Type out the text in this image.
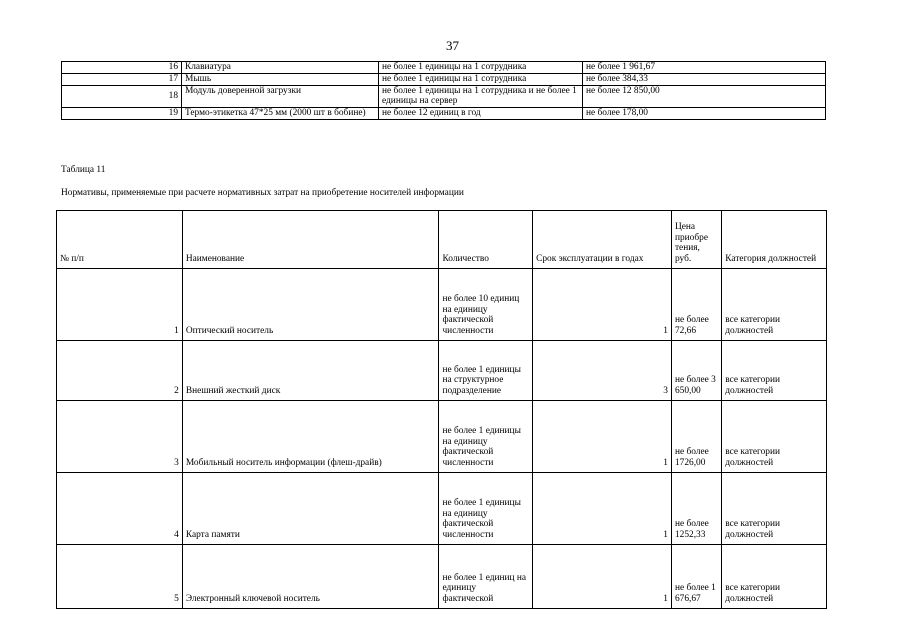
37
16	Клавиатура	не более 1 единицы на 1 сотрудника	не более 1 961,67
17	Мышь	не более 1 единицы на 1 сотрудника	не более 384,33
18	Модуль доверенной загрузки	не более 1 единицы на 1 сотрудника и не более 1 единицы на сервер	не более 12 850,00
19	Термо-этикетка 47*25 мм (2000 шт в бобине)	не более 12 единиц в год	не более 178,00
Таблица 11
Нормативы, применяемые при расчете нормативных затрат на приобретение носителей информации
№ п/п	Наименование	Количество	Срок эксплуатации в годах	Цена приобре тения, руб.	Категория должностей
1	Оптический носитель	не более 10 единиц на единицу фактической численности	1	не более 72,66	все категории должностей
2	Внешний жесткий диск	не более 1 единицы на структурное подразделение	3	не более 3 650,00	все категории должностей
3	Мобильный носитель информации (флеш-драйв)	не более 1 единицы на единицу фактической численности	1	не более 1726,00	все категории должностей
4	Карта памяти	не более 1 единицы на единицу фактической численности	1	не более 1252,33	все категории должностей
5	Электронный ключевой носитель	не более 1 единиц на единицу фактической	1	не более 1 676,67	все категории должностей
